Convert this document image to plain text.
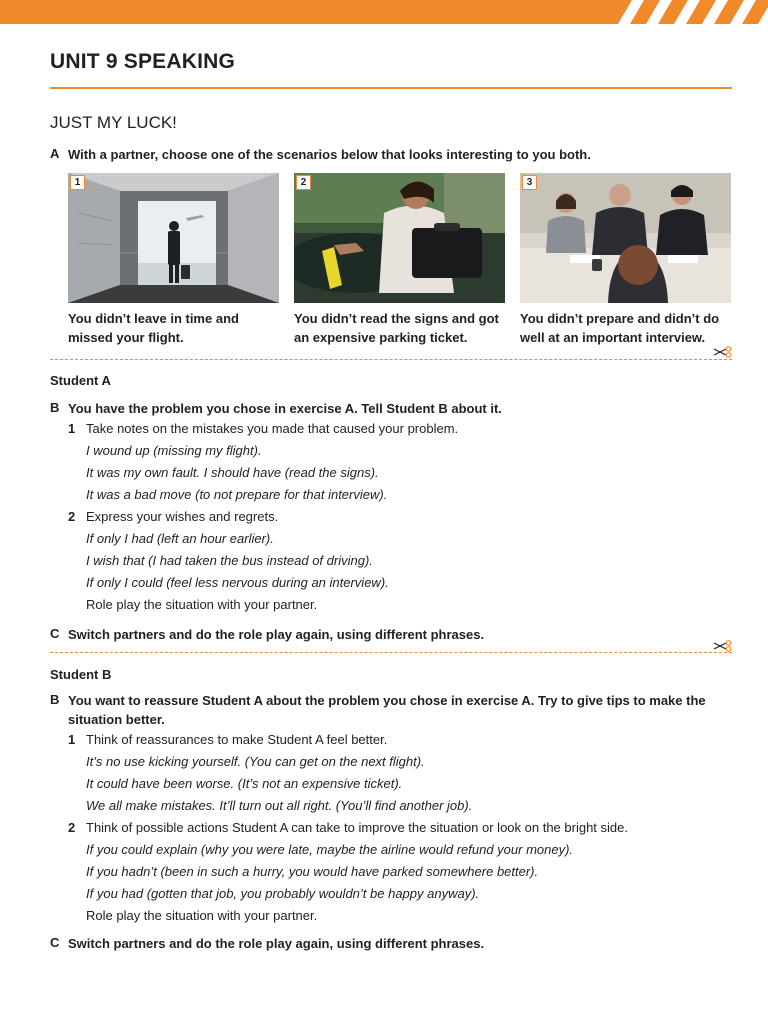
UNIT 9 SPEAKING
JUST MY LUCK!
A With a partner, choose one of the scenarios below that looks interesting to you both.
1
You didn’t leave in time and
missed your flight.
2
You didn’t read the signs and got
an expensive parking ticket.
3
You didn’t prepare and didn’t do
well at an important interview.
Student A
B You have the problem you chose in exercise A. Tell Student B about it.
1 Take notes on the mistakes you made that caused your problem.
I wound up (missing my flight).
It was my own fault. I should have (read the signs).
It was a bad move (to not prepare for that interview).
2 Express your wishes and regrets.
If only I had (left an hour earlier).
I wish that (I had taken the bus instead of driving).
If only I could (feel less nervous during an interview).
Role play the situation with your partner.
C Switch partners and do the role play again, using different phrases.
Student B
B You want to reassure Student A about the problem you chose in exercise A. Try to give tips to make the
situation better.
1 Think of reassurances to make Student A feel better.
It’s no use kicking yourself. (You can get on the next flight).
It could have been worse. (It’s not an expensive ticket).
We all make mistakes. It’ll turn out all right. (You’ll find another job).
2 Think of possible actions Student A can take to improve the situation or look on the bright side.
If you could explain (why you were late, maybe the airline would refund your money).
If you hadn’t (been in such a hurry, you would have parked somewhere better).
If you had (gotten that job, you probably wouldn’t be happy anyway).
Role play the situation with your partner.
C Switch partners and do the role play again, using different phrases.
